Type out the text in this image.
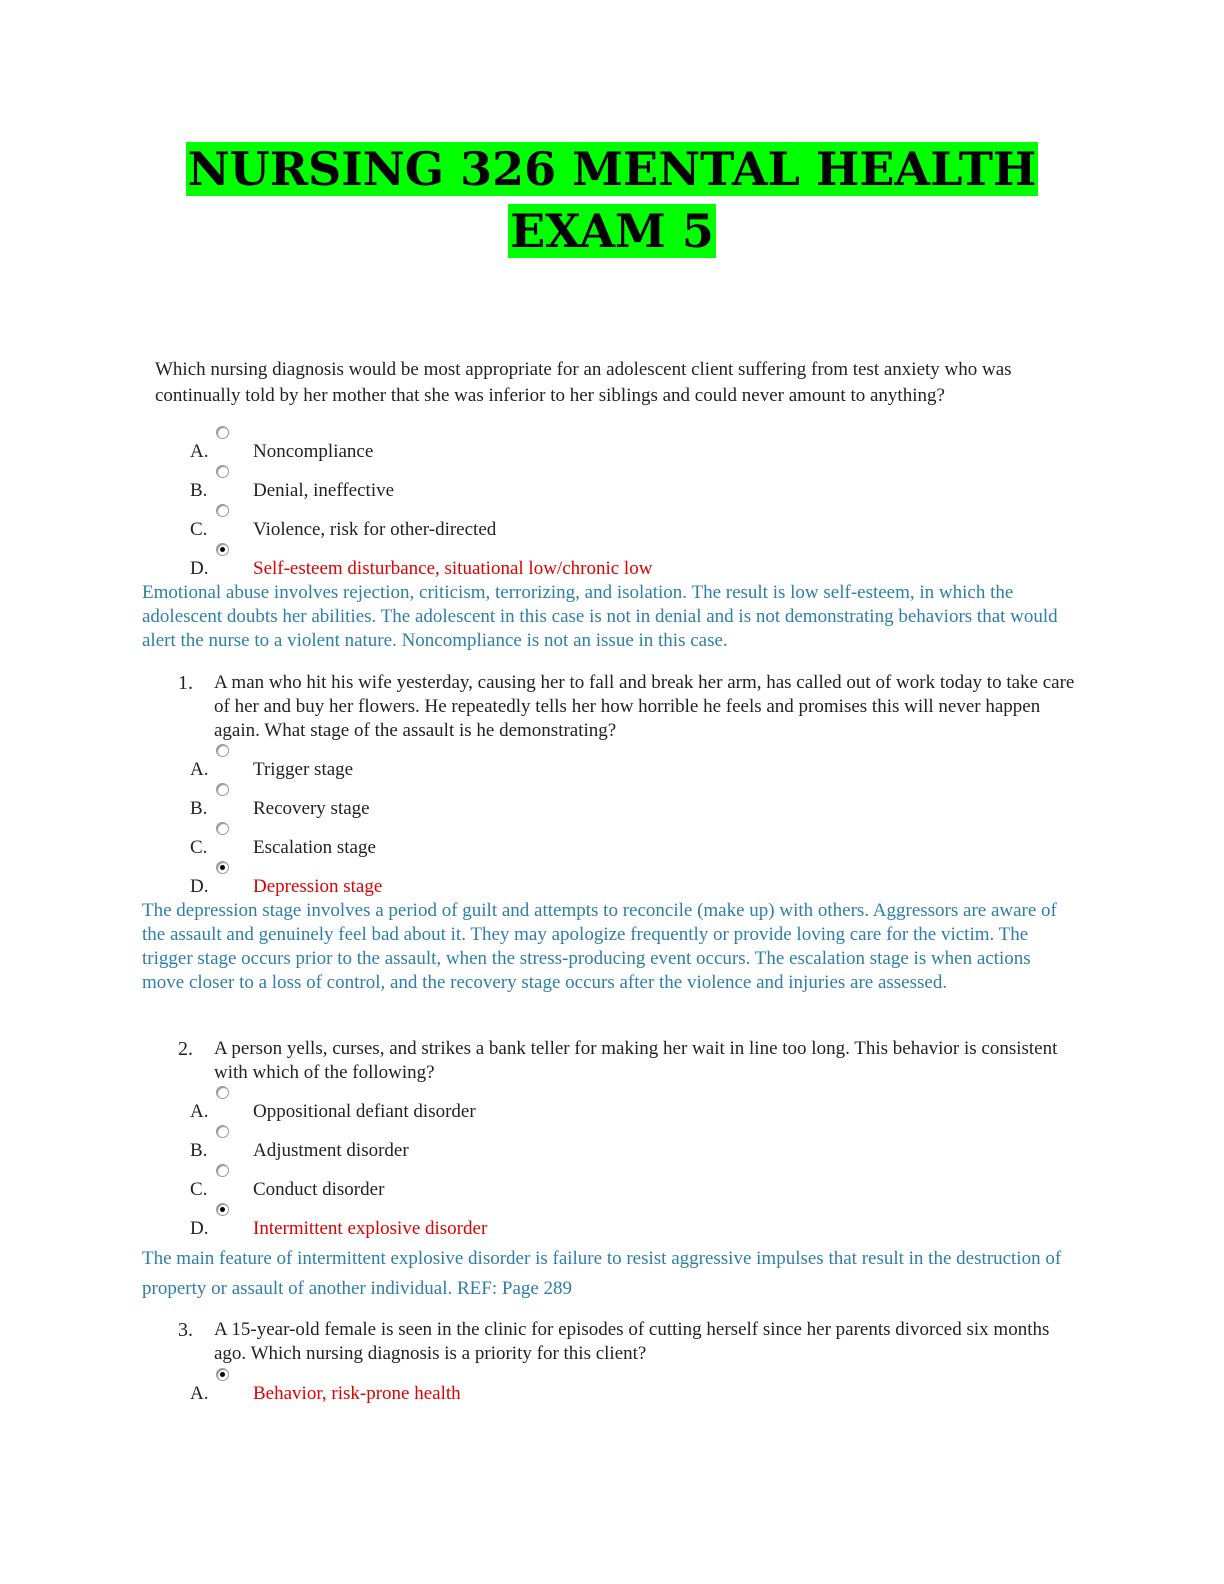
NURSING 326 MENTAL HEALTH
EXAM 5
Which nursing diagnosis would be most appropriate for an adolescent client suffering from test anxiety who was continually told by her mother that she was inferior to her siblings and could never amount to anything?
A. Noncompliance
B.	Denial, ineffective
C.	Violence, risk for other-directed
D. Self-esteem disturbance, situational low/chronic low
Emotional abuse involves rejection, criticism, terrorizing, and isolation. The result is low self-esteem, in which the adolescent doubts her abilities. The adolescent in this case is not in denial and is not demonstrating behaviors that would alert the nurse to a violent nature. Noncompliance is not an issue in this case.
1. A man who hit his wife yesterday, causing her to fall and break her arm, has called out of work today to take care of her and buy her flowers. He repeatedly tells her how horrible he feels and promises this will never happen again. What stage of the assault is he demonstrating?
A. Trigger stage
B.	Recovery stage
C.	Escalation stage
D. Depression stage
The depression stage involves a period of guilt and attempts to reconcile (make up) with others. Aggressors are aware of the assault and genuinely feel bad about it. They may apologize frequently or provide loving care for the victim. The trigger stage occurs prior to the assault, when the stress-producing event occurs. The escalation stage is when actions move closer to a loss of control, and the recovery stage occurs after the violence and injuries are assessed.
2. A person yells, curses, and strikes a bank teller for making her wait in line too long. This behavior is consistent with which of the following?
A. Oppositional defiant disorder
B.	Adjustment disorder
C.	Conduct disorder
D. Intermittent explosive disorder
The main feature of intermittent explosive disorder is failure to resist aggressive impulses that result in the destruction of property or assault of another individual. REF: Page 289
3. A 15-year-old female is seen in the clinic for episodes of cutting herself since her parents divorced six months ago. Which nursing diagnosis is a priority for this client?
A. Behavior, risk-prone health
